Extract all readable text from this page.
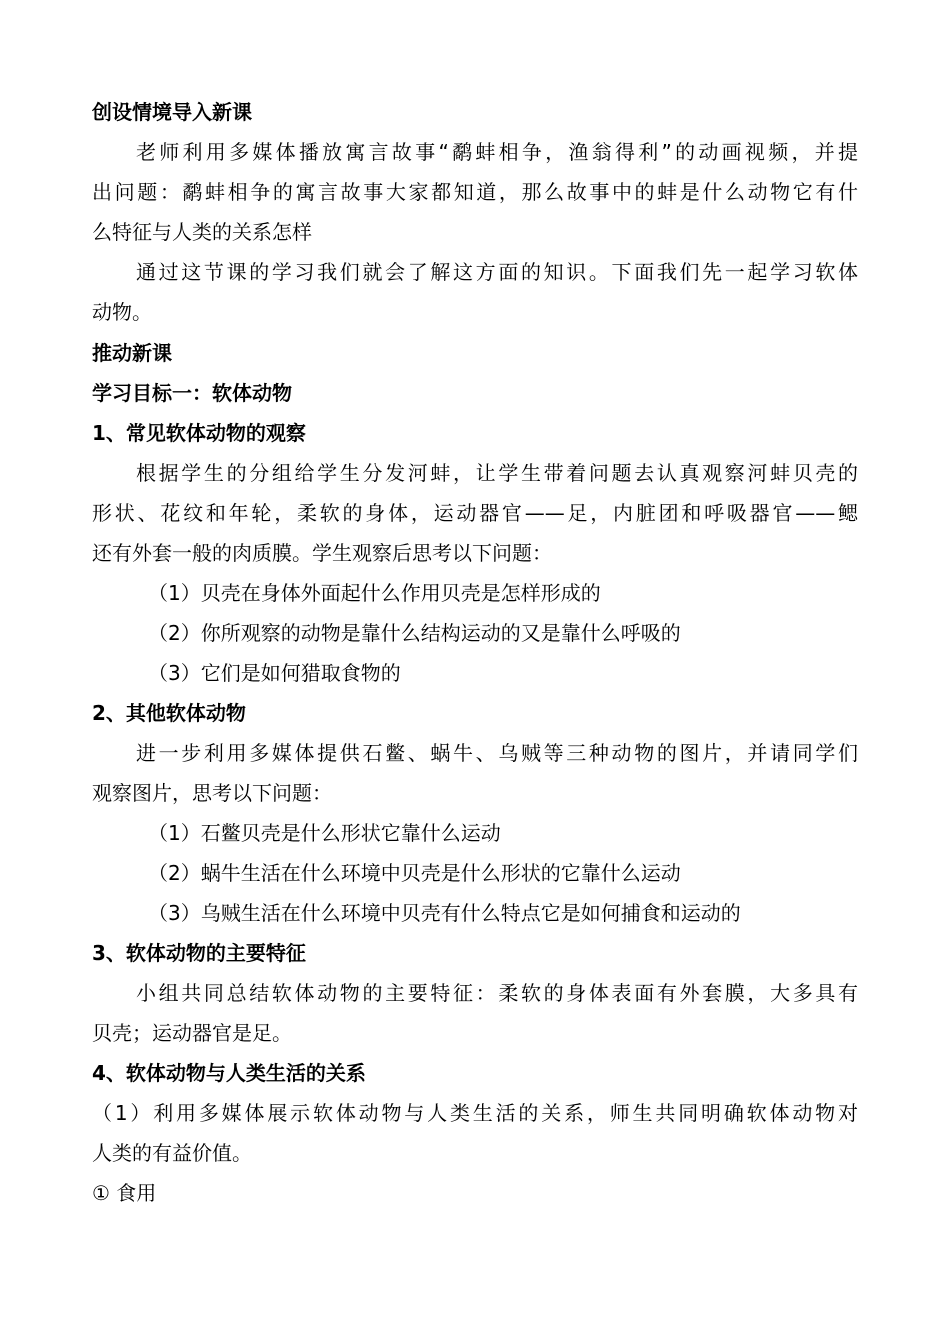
创设情境导入新课
老师利用多媒体播放寓言故事“鹬蚌相争，渔翁得利”的动画视频，并提
出问题：鹬蚌相争的寓言故事大家都知道，那么故事中的蚌是什么动物它有什
么特征与人类的关系怎样
通过这节课的学习我们就会了解这方面的知识。下面我们先一起学习软体
动物。
推动新课
学习目标一：软体动物
1、常见软体动物的观察
根据学生的分组给学生分发河蚌，让学生带着问题去认真观察河蚌贝壳的
形状、花纹和年轮，柔软的身体，运动器官——足，内脏团和呼吸器官——鳃
还有外套一般的肉质膜。学生观察后思考以下问题：
（1）贝壳在身体外面起什么作用贝壳是怎样形成的
（2）你所观察的动物是靠什么结构运动的又是靠什么呼吸的
（3）它们是如何猎取食物的
2、其他软体动物
进一步利用多媒体提供石鳖、蜗牛、乌贼等三种动物的图片，并请同学们
观察图片，思考以下问题：
（1）石鳖贝壳是什么形状它靠什么运动
（2）蜗牛生活在什么环境中贝壳是什么形状的它靠什么运动
（3）乌贼生活在什么环境中贝壳有什么特点它是如何捕食和运动的
3、软体动物的主要特征
小组共同总结软体动物的主要特征：柔软的身体表面有外套膜，大多具有
贝壳；运动器官是足。
4、软体动物与人类生活的关系
（1）利用多媒体展示软体动物与人类生活的关系，师生共同明确软体动物对
人类的有益价值。
① 食用
